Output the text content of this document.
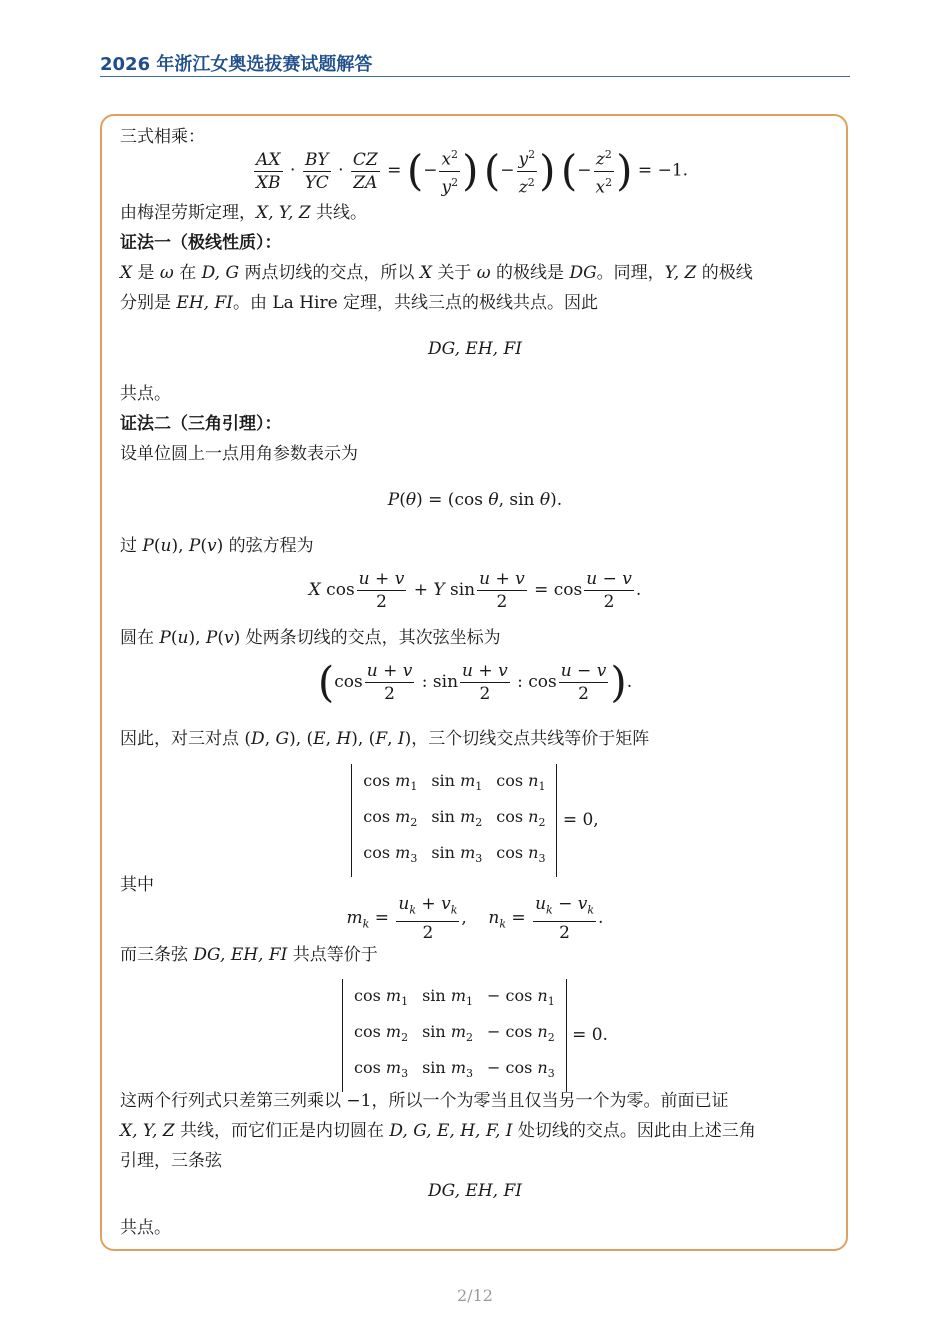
2026 年浙江女奥选拔赛试题解答
三式相乘：
$\frac{AX}{XB} \cdot \frac{BY}{YC} \cdot \frac{CZ}{ZA}$ = (− $\frac{x^2}{y^2}$ ) (− $\frac{y^2}{z^2}$ ) (− $\frac{z^2}{x^2}$ ) = −1.
由梅涅劳斯定理，X, Y, Z 共线。
证法一（极线性质）：
X 是 ω 在 D, G 两点切线的交点，所以 X 关于 ω 的极线是 DG。同理，Y, Z 的极线
分别是 EH, FI。由 La Hire 定理，共线三点的极线共点。因此
DG, EH, FI
共点。
证法二（三角引理）：
设单位圆上一点用角参数表示为
P(θ) = (cos θ, sin θ).
过 P(u), P(v) 的弦方程为
X $\cos \frac{u + v}{2} + Y$ $\sin \frac{u + v}{2} = \cos \frac{u - v}{2}$ .
圆在 P(u), P(v) 处两条切线的交点，其次弦坐标为
($\cos \frac{u + v}{2}$ : $\sin \frac{u + v}{2}$ : $\cos \frac{u - v}{2}$ ).
因此，对三对点 (D, G), (E, H), (F, I)，三个切线交点共线等价于矩阵
$\cos m_1$	$\sin m_1$	$\cos n_1$
$\cos m_2$	$\sin m_2$	$\cos n_2$
$\cos m_3$	$\sin m_3$	$\cos n_3$
= 0,
其中
$m_k = \frac{u_k + v_k}{2}$ ,    $n_k = \frac{u_k - v_k}{2}$ .
而三条弦 DG, EH, FI 共点等价于
$\cos m_1$	$\sin m_1$	− $\cos n_1$
$\cos m_2$	$\sin m_2$	− $\cos n_2$
$\cos m_3$	$\sin m_3$	− $\cos n_3$
= 0.
这两个行列式只差第三列乘以 −1，所以一个为零当且仅当另一个为零。前面已证
X, Y, Z 共线，而它们正是内切圆在 D, G, E, H, F, I 处切线的交点。因此由上述三角
引理，三条弦
DG, EH, FI
共点。
2/12
